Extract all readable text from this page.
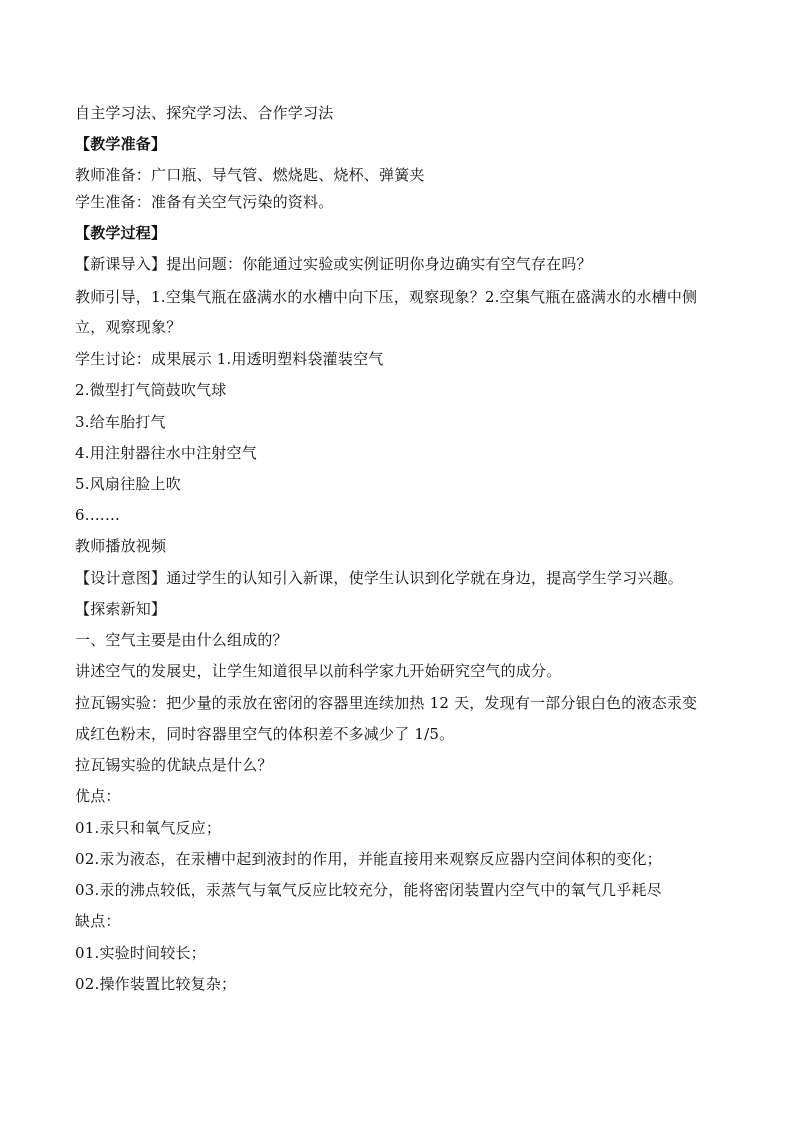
自主学习法、探究学习法、合作学习法
【教学准备】
教师准备：广口瓶、导气管、燃烧匙、烧杯、弹簧夹
学生准备：准备有关空气污染的资料。
【教学过程】
【新课导入】提出问题：你能通过实验或实例证明你身边确实有空气存在吗？
教师引导，1.空集气瓶在盛满水的水槽中向下压，观察现象？2.空集气瓶在盛满水的水槽中侧
立，观察现象？
学生讨论：成果展示 1.用透明塑料袋灌装空气
2.微型打气筒鼓吹气球
3.给车胎打气
4.用注射器往水中注射空气
5.风扇往脸上吹
6.……
教师播放视频
【设计意图】通过学生的认知引入新课，使学生认识到化学就在身边，提高学生学习兴趣。
【探索新知】
一、空气主要是由什么组成的？
讲述空气的发展史，让学生知道很早以前科学家九开始研究空气的成分。
拉瓦锡实验：把少量的汞放在密闭的容器里连续加热 12 天，发现有一部分银白色的液态汞变
成红色粉末，同时容器里空气的体积差不多减少了 1/5。
拉瓦锡实验的优缺点是什么？
优点：
01.汞只和氧气反应；
02.汞为液态，在汞槽中起到液封的作用，并能直接用来观察反应器内空间体积的变化；
03.汞的沸点较低，汞蒸气与氧气反应比较充分，能将密闭装置内空气中的氧气几乎耗尽
缺点：
01.实验时间较长；
02.操作装置比较复杂；
